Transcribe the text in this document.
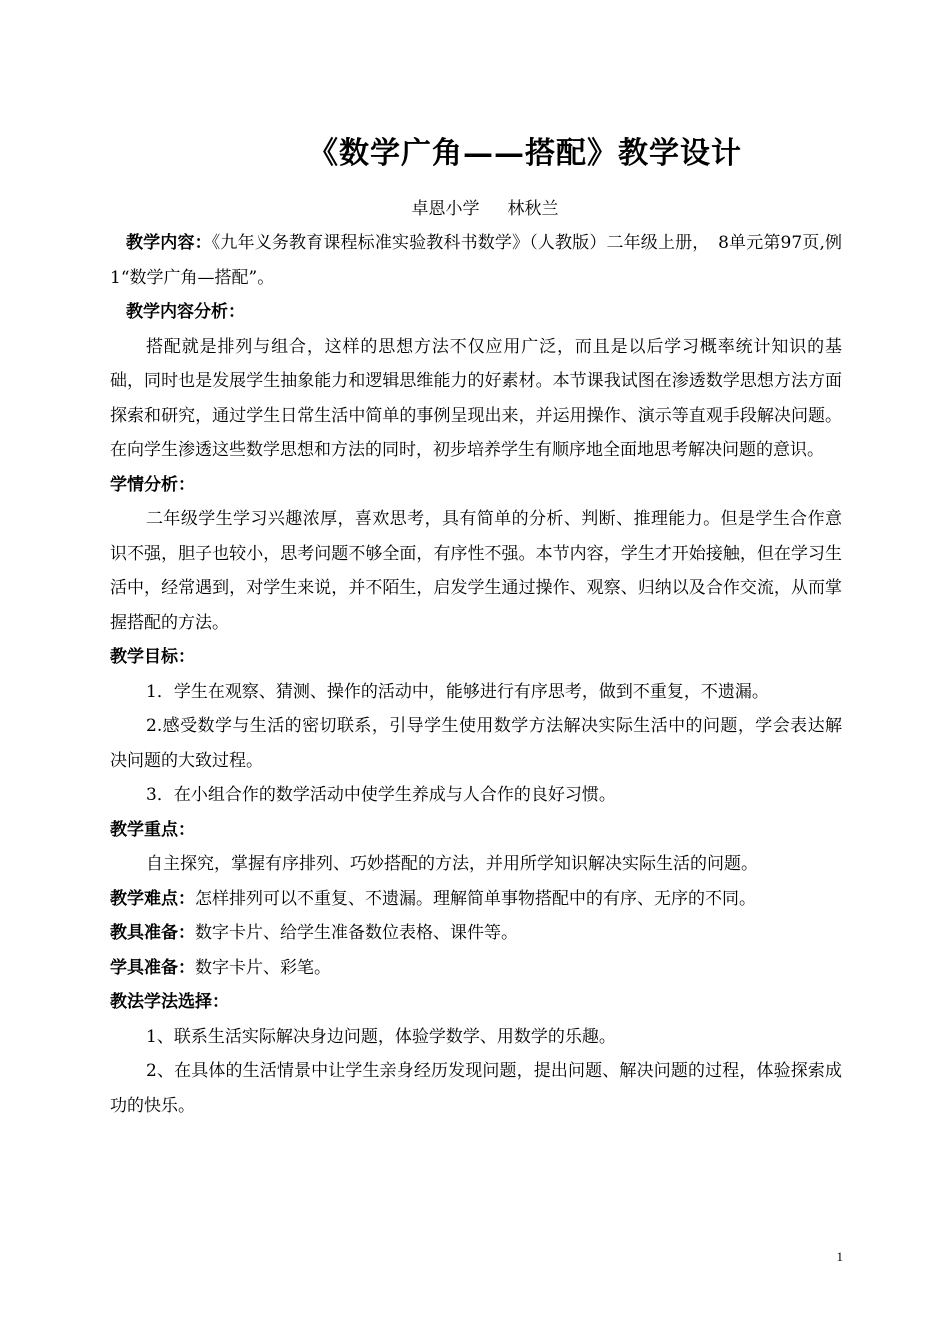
《数学广角——搭配》教学设计
卓恩小学 林秋兰

教学内容：《九年义务教育课程标准实验教科书数学》（人教版）二年级上册，　8单元第97页,例1“数学广角—搭配”。

教学内容分析：

搭配就是排列与组合，这样的思想方法不仅应用广泛，而且是以后学习概率统计知识的基础，同时也是发展学生抽象能力和逻辑思维能力的好素材。本节课我试图在渗透数学思想方法方面探索和研究，通过学生日常生活中简单的事例呈现出来，并运用操作、演示等直观手段解决问题。在向学生渗透这些数学思想和方法的同时，初步培养学生有顺序地全面地思考解决问题的意识。

学情分析：

二年级学生学习兴趣浓厚，喜欢思考，具有简单的分析、判断、推理能力。但是学生合作意识不强，胆子也较小，思考问题不够全面，有序性不强。本节内容，学生才开始接触，但在学习生活中，经常遇到，对学生来说，并不陌生，启发学生通过操作、观察、归纳以及合作交流，从而掌握搭配的方法。

教学目标：

1．学生在观察、猜测、操作的活动中，能够进行有序思考，做到不重复，不遗漏。

2.感受数学与生活的密切联系，引导学生使用数学方法解决实际生活中的问题，学会表达解决问题的大致过程。

3．在小组合作的数学活动中使学生养成与人合作的良好习惯。

教学重点：

自主探究，掌握有序排列、巧妙搭配的方法，并用所学知识解决实际生活的问题。

教学难点：怎样排列可以不重复、不遗漏。理解简单事物搭配中的有序、无序的不同。

教具准备：数字卡片、给学生准备数位表格、课件等。

学具准备：数字卡片、彩笔。

教法学法选择：

1、联系生活实际解决身边问题，体验学数学、用数学的乐趣。

2、在具体的生活情景中让学生亲身经历发现问题，提出问题、解决问题的过程，体验探索成功的快乐。

1
